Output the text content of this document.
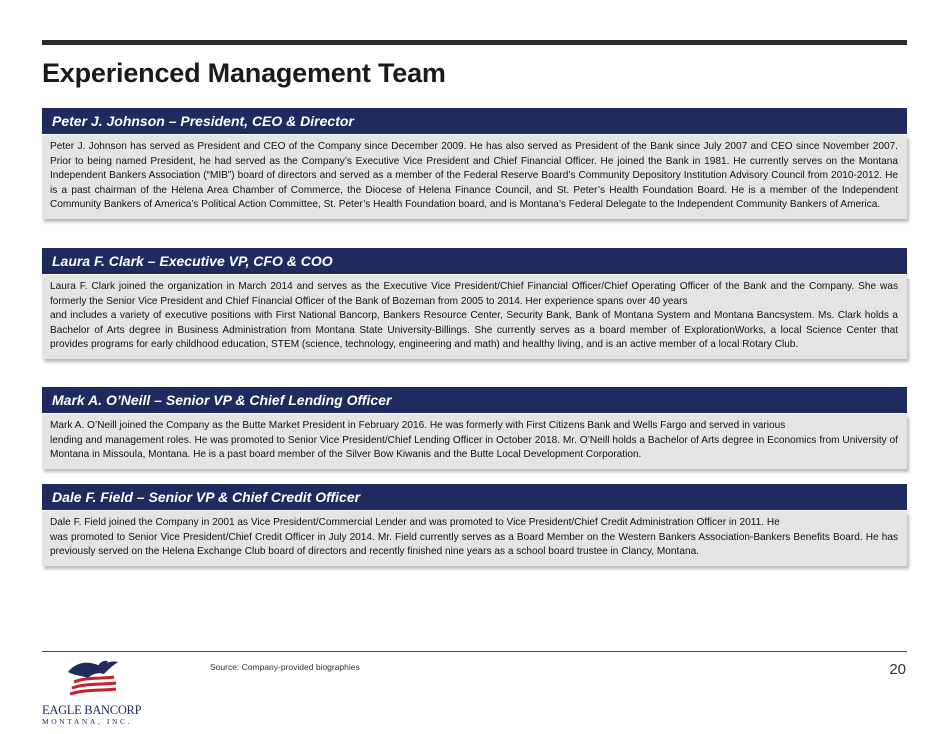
Experienced Management Team
Peter J. Johnson – President, CEO & Director
Peter J. Johnson has served as President and CEO of the Company since December 2009. He has also served as President of the Bank since July 2007 and CEO since November 2007. Prior to being named President, he had served as the Company’s Executive Vice President and Chief Financial Officer. He joined the Bank in 1981. He currently serves on the Montana Independent Bankers Association (“MIB”) board of directors and served as a member of the Federal Reserve Board’s Community Depository Institution Advisory Council from 2010-2012. He is a past chairman of the Helena Area Chamber of Commerce, the Diocese of Helena Finance Council, and St. Peter’s Health Foundation Board. He is a member of the Independent Community Bankers of America’s Political Action Committee, St. Peter’s Health Foundation board, and is Montana’s Federal Delegate to the Independent Community Bankers of America.
Laura F. Clark – Executive VP, CFO & COO
Laura F. Clark joined the organization in March 2014 and serves as the Executive Vice President/Chief Financial Officer/Chief Operating Officer of the Bank and the Company. She was formerly the Senior Vice President and Chief Financial Officer of the Bank of Bozeman from 2005 to 2014. Her experience spans over 40 years
and includes a variety of executive positions with First National Bancorp, Bankers Resource Center, Security Bank, Bank of Montana System and Montana Bancsystem. Ms. Clark holds a Bachelor of Arts degree in Business Administration from Montana State University-Billings. She currently serves as a board member of ExplorationWorks, a local Science Center that provides programs for early childhood education, STEM (science, technology, engineering and math) and healthy living, and is an active member of a local Rotary Club.
Mark A. O’Neill – Senior VP & Chief Lending Officer
Mark A. O’Neill joined the Company as the Butte Market President in February 2016. He was formerly with First Citizens Bank and Wells Fargo and served in various
lending and management roles. He was promoted to Senior Vice President/Chief Lending Officer in October 2018. Mr. O’Neill holds a Bachelor of Arts degree in Economics from University of Montana in Missoula, Montana. He is a past board member of the Silver Bow Kiwanis and the Butte Local Development Corporation.
Dale F. Field – Senior VP & Chief Credit Officer
Dale F. Field joined the Company in 2001 as Vice President/Commercial Lender and was promoted to Vice President/Chief Credit Administration Officer in 2011. He
was promoted to Senior Vice President/Chief Credit Officer in July 2014. Mr. Field currently serves as a Board Member on the Western Bankers Association-Bankers Benefits Board. He has previously served on the Helena Exchange Club board of directors and recently finished nine years as a school board trustee in Clancy, Montana.
Source: Company-provided biographies	20
EAGLE BANCORP
MONTANA, INC.
